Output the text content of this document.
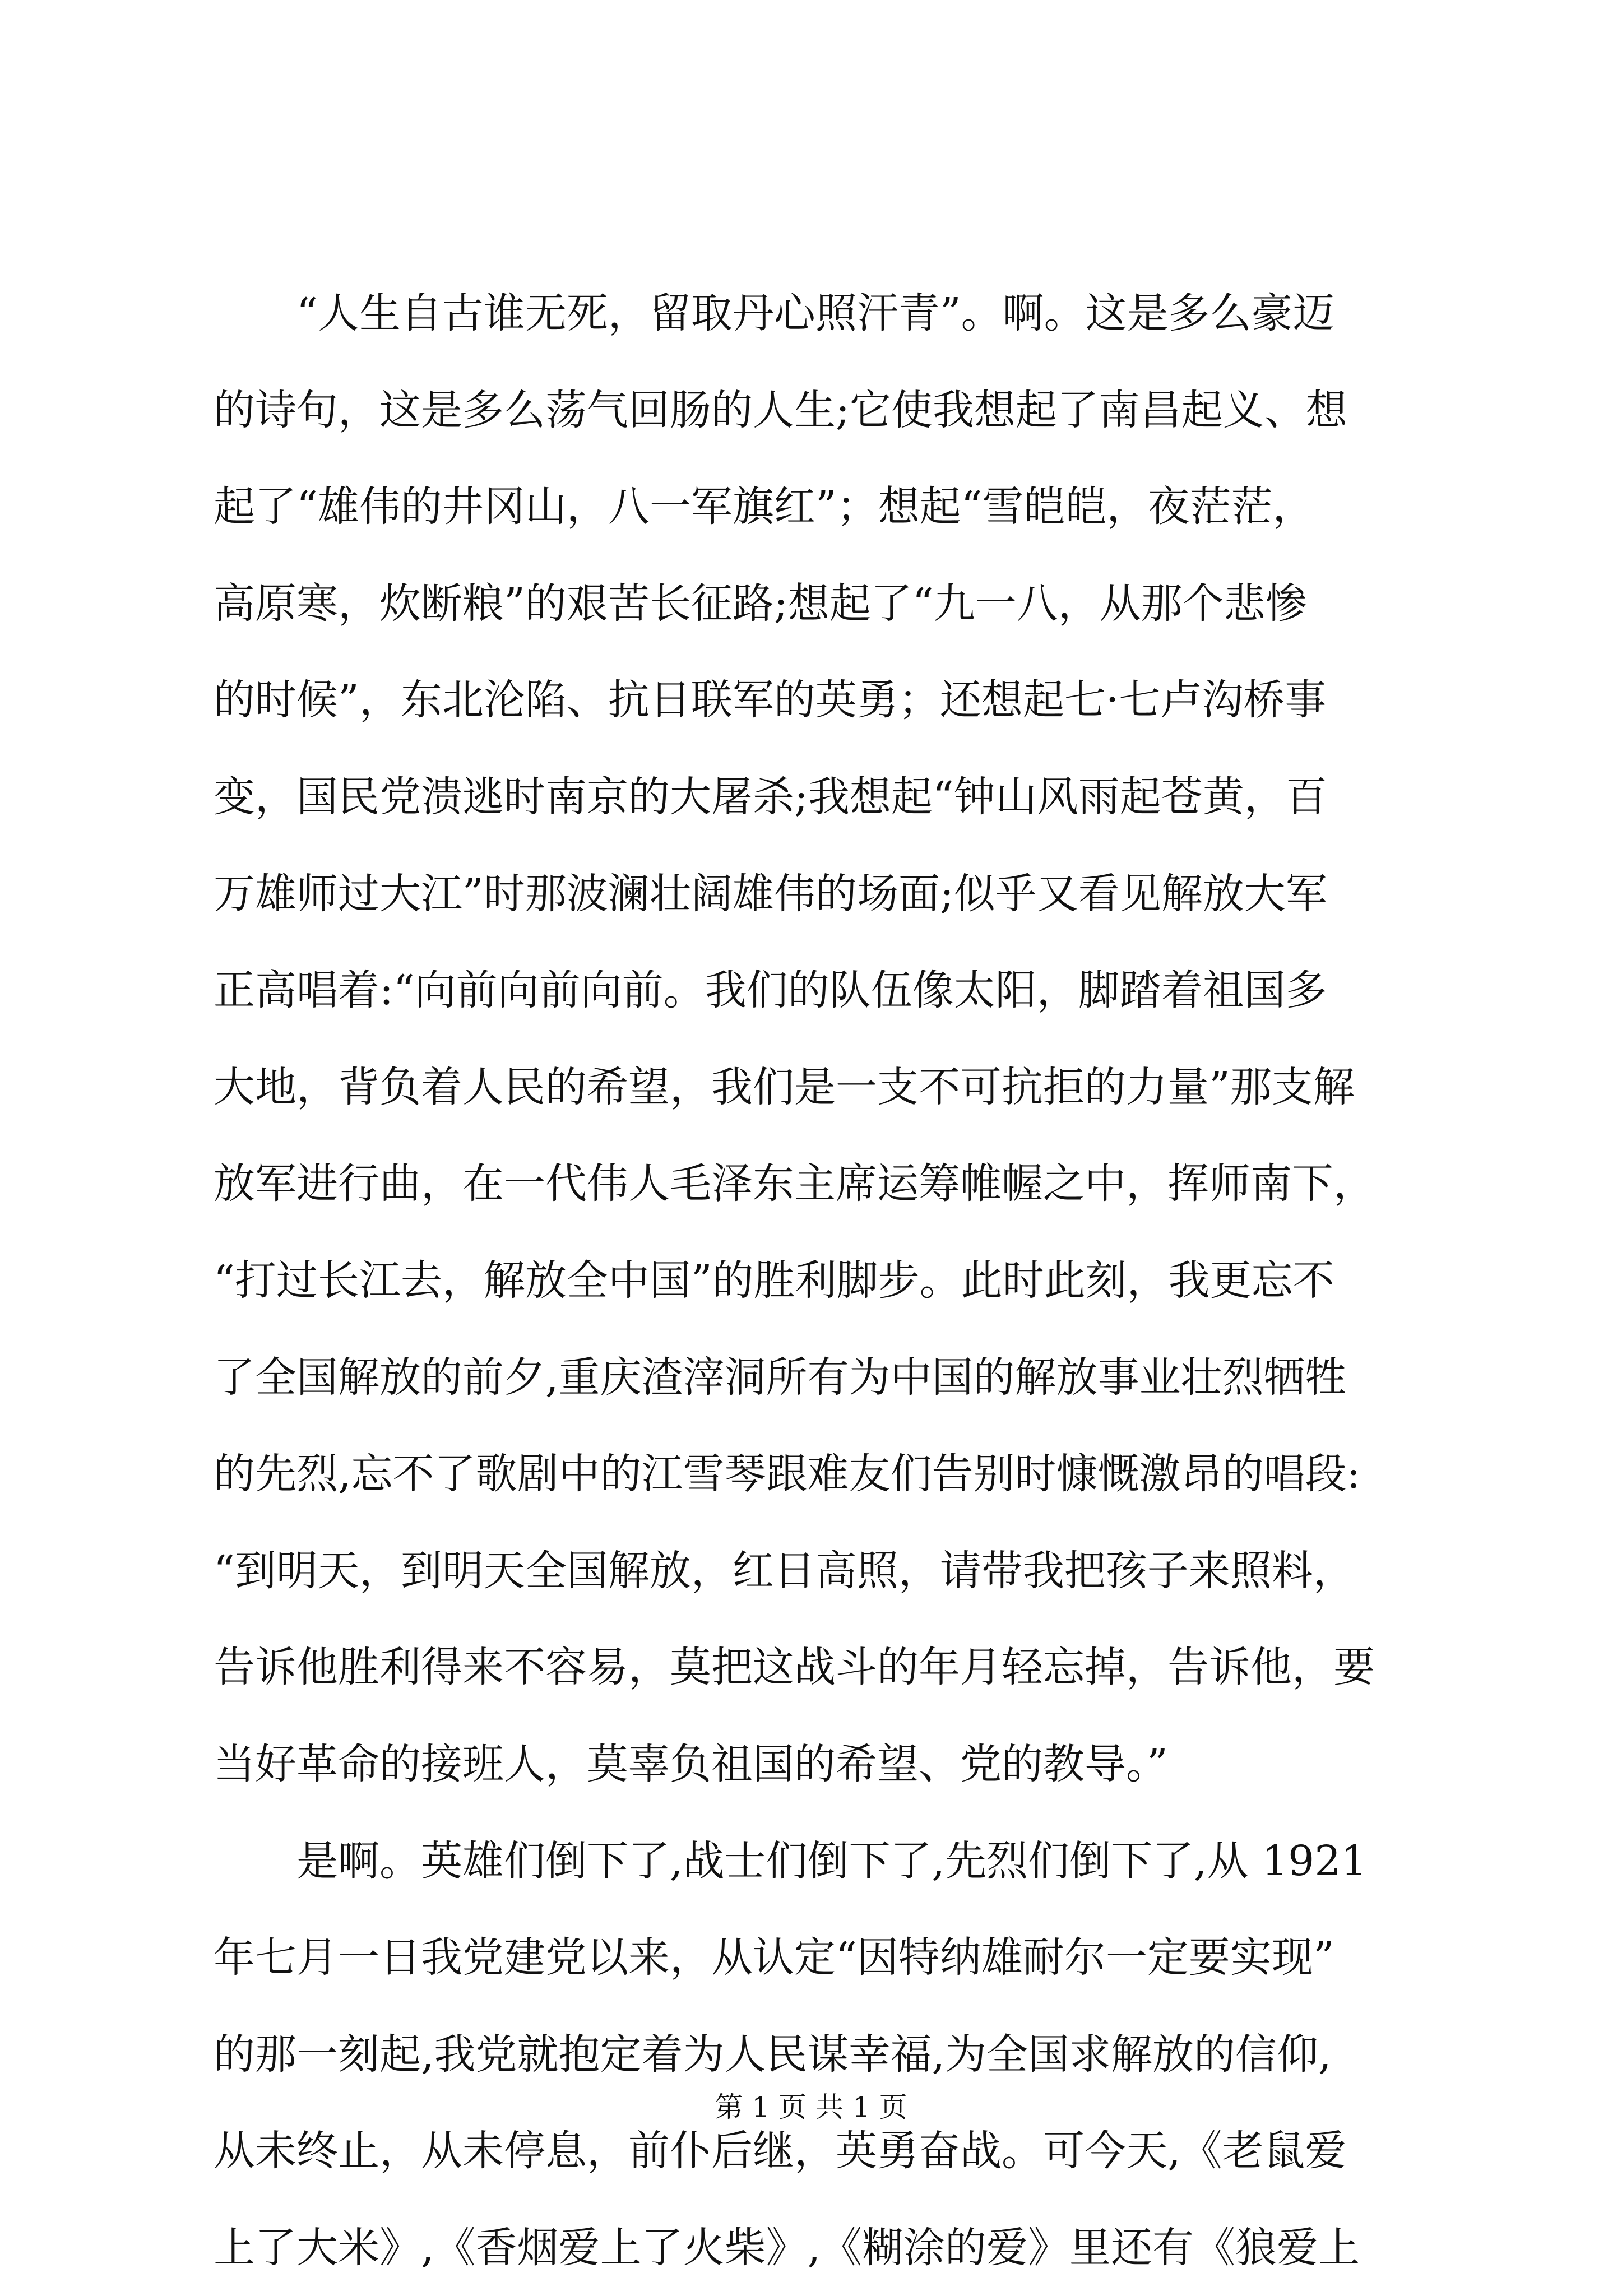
“人生自古谁无死，留取丹心照汗青”。啊。这是多么豪迈
的诗句，这是多么荡气回肠的人生;它使我想起了南昌起义、想
起了“雄伟的井冈山，八一军旗红”；想起“雪皑皑，夜茫茫，
高原寒，炊断粮”的艰苦长征路;想起了“九一八，从那个悲惨
的时候”，东北沦陷、抗日联军的英勇；还想起七·七卢沟桥事
变，国民党溃逃时南京的大屠杀;我想起“钟山风雨起苍黄，百
万雄师过大江”时那波澜壮阔雄伟的场面;似乎又看见解放大军
正高唱着:“向前向前向前。我们的队伍像太阳，脚踏着祖国多
大地，背负着人民的希望，我们是一支不可抗拒的力量”那支解
放军进行曲，在一代伟人毛泽东主席运筹帷幄之中，挥师南下，
“打过长江去，解放全中国”的胜利脚步。此时此刻，我更忘不
了全国解放的前夕,重庆渣滓洞所有为中国的解放事业壮烈牺牲
的先烈,忘不了歌剧中的江雪琴跟难友们告别时慷慨激昂的唱段:
“到明天，到明天全国解放，红日高照，请带我把孩子来照料，
告诉他胜利得来不容易，莫把这战斗的年月轻忘掉，告诉他，要
当好革命的接班人，莫辜负祖国的希望、党的教导。”
是啊。英雄们倒下了,战士们倒下了,先烈们倒下了,从 1921
年七月一日我党建党以来，从认定“因特纳雄耐尔一定要实现”
的那一刻起,我党就抱定着为人民谋幸福,为全国求解放的信仰,
从未终止，从未停息，前仆后继，英勇奋战。可今天,《老鼠爱
上了大米》,《香烟爱上了火柴》,《糊涂的爱》里还有《狼爱上
第 1 页 共 1 页
